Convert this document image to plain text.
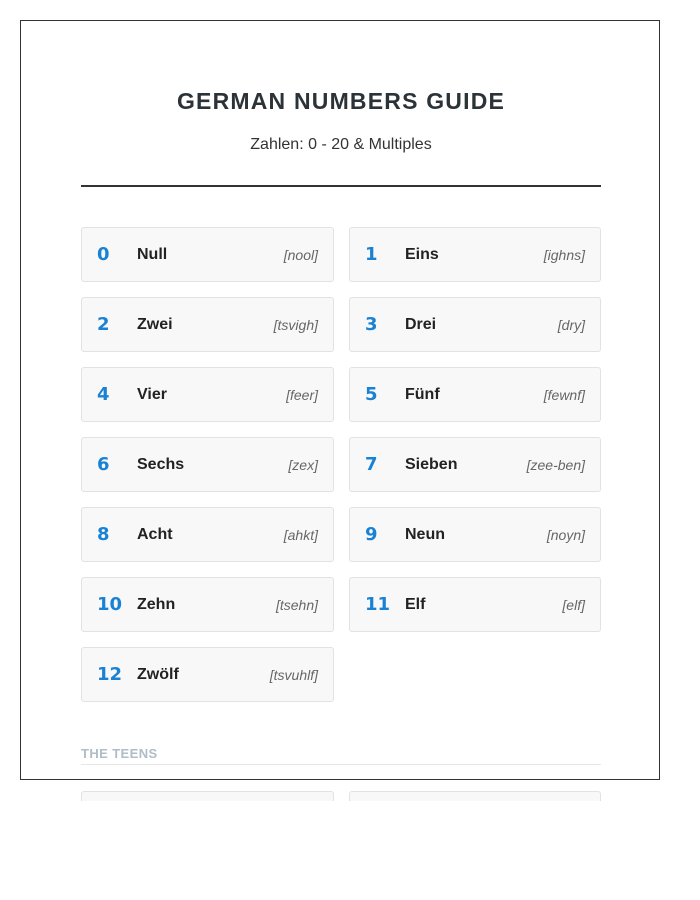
GERMAN NUMBERS GUIDE
Zahlen: 0 - 20 & Multiples
0	Null	[nool]	1	Eins	[ighns]
2	Zwei	[tsvigh]	3	Drei	[dry]
4	Vier	[feer]	5	Fünf	[fewnf]
6	Sechs	[zex]	7	Sieben	[zee-ben]
8	Acht	[ahkt]	9	Neun	[noyn]
10 Zehn	[tsehn]	11 Elf	[elf]
12 Zwölf	[tsvuhlf]
THE TEENS
